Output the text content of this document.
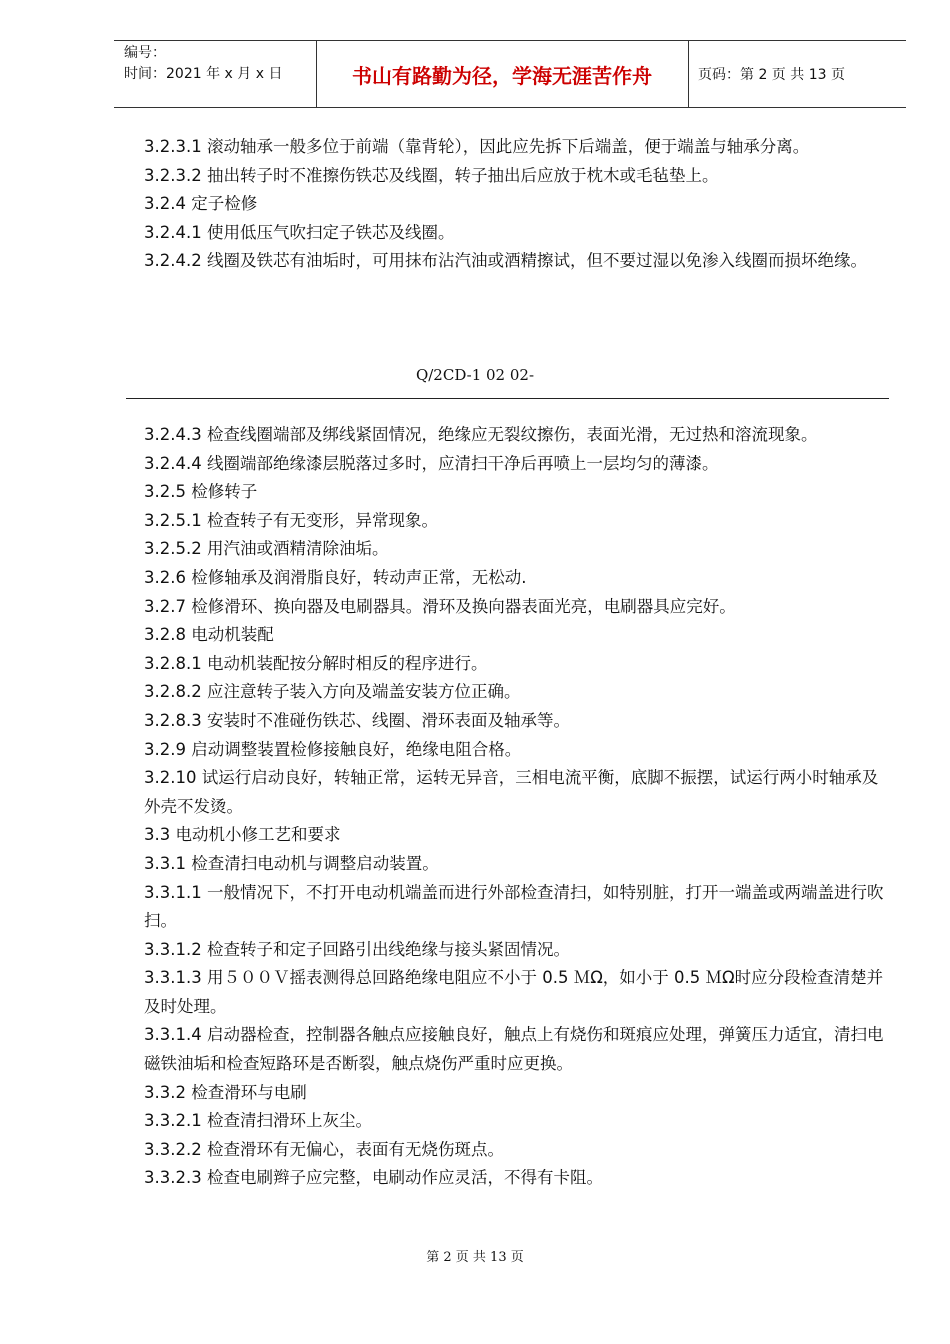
编号：
时间：2021 年 x 月 x 日	书山有路勤为径，学海无涯苦作舟	页码：第 2 页 共 13 页

3.2.3.1 滚动轴承一般多位于前端（靠背轮），因此应先拆下后端盖，便于端盖与轴承分离。

3.2.3.2 抽出转子时不准擦伤铁芯及线圈，转子抽出后应放于枕木或毛毡垫上。

3.2.4 定子检修

3.2.4.1 使用低压气吹扫定子铁芯及线圈。

3.2.4.2 线圈及铁芯有油垢时，可用抹布沾汽油或酒精擦试，但不要过湿以免渗入线圈而损坏绝缘。

Q/2CD-1 02 02-

3.2.4.3 检查线圈端部及绑线紧固情况，绝缘应无裂纹擦伤，表面光滑，无过热和溶流现象。

3.2.4.4 线圈端部绝缘漆层脱落过多时，应清扫干净后再喷上一层均匀的薄漆。

3.2.5 检修转子

3.2.5.1 检查转子有无变形，异常现象。

3.2.5.2 用汽油或酒精清除油垢。

3.2.6 检修轴承及润滑脂良好，转动声正常，无松动.

3.2.7 检修滑环、换向器及电刷器具。滑环及换向器表面光亮，电刷器具应完好。

3.2.8 电动机装配

3.2.8.1 电动机装配按分解时相反的程序进行。

3.2.8.2 应注意转子装入方向及端盖安装方位正确。

3.2.8.3 安装时不准碰伤铁芯、线圈、滑环表面及轴承等。

3.2.9 启动调整装置检修接触良好，绝缘电阻合格。

3.2.10 试运行启动良好，转轴正常，运转无异音，三相电流平衡，底脚不振摆，试运行两小时轴承及外壳不发烫。

3.3 电动机小修工艺和要求

3.3.1 检查清扫电动机与调整启动装置。

3.3.1.1 一般情况下，不打开电动机端盖而进行外部检查清扫，如特别脏，打开一端盖或两端盖进行吹扫。

3.3.1.2 检查转子和定子回路引出线绝缘与接头紧固情况。

3.3.1.3 用５００Ｖ摇表测得总回路绝缘电阻应不小于 0.5 ＭΩ，如小于 0.5 ＭΩ时应分段检查清楚并及时处理。

3.3.1.4 启动器检查，控制器各触点应接触良好，触点上有烧伤和斑痕应处理，弹簧压力适宜，清扫电磁铁油垢和检查短路环是否断裂，触点烧伤严重时应更换。

3.3.2 检查滑环与电刷

3.3.2.1 检查清扫滑环上灰尘。

3.3.2.2 检查滑环有无偏心，表面有无烧伤斑点。

3.3.2.3 检查电刷辫子应完整，电刷动作应灵活，不得有卡阻。

第 2 页 共 13 页
